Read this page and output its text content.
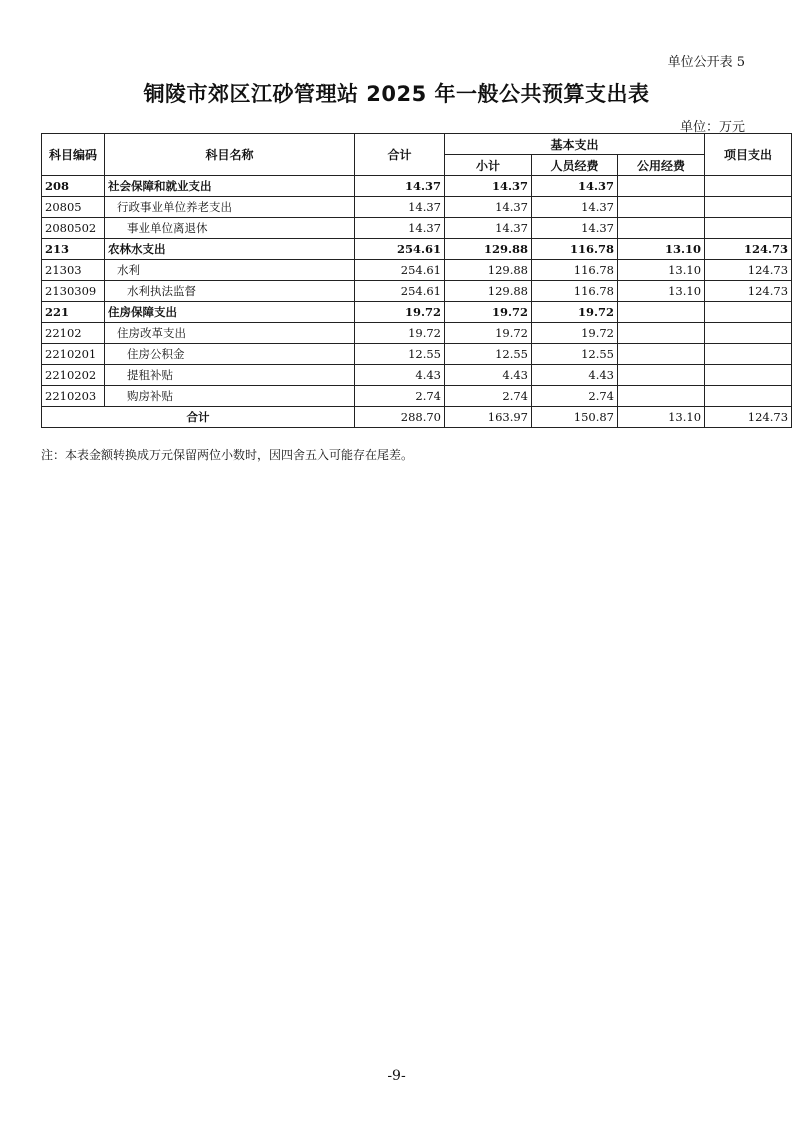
单位公开表 5
铜陵市郊区江砂管理站 2025 年一般公共预算支出表
单位：万元
科目编码	科目名称	合计	基本支出			项目支出
			小计	人员经费	公用经费	
208	社会保障和就业支出	14.37	14.37	14.37		
20805	行政事业单位养老支出	14.37	14.37	14.37		
2080502	事业单位离退休	14.37	14.37	14.37		
213	农林水支出	254.61	129.88	116.78	13.10	124.73
21303	水利	254.61	129.88	116.78	13.10	124.73
2130309	水利执法监督	254.61	129.88	116.78	13.10	124.73
221	住房保障支出	19.72	19.72	19.72		
22102	住房改革支出	19.72	19.72	19.72		
2210201	住房公积金	12.55	12.55	12.55		
2210202	提租补贴	4.43	4.43	4.43		
2210203	购房补贴	2.74	2.74	2.74		
合计		288.70	163.97	150.87	13.10	124.73
注：本表金额转换成万元保留两位小数时，因四舍五入可能存在尾差。
-9-
